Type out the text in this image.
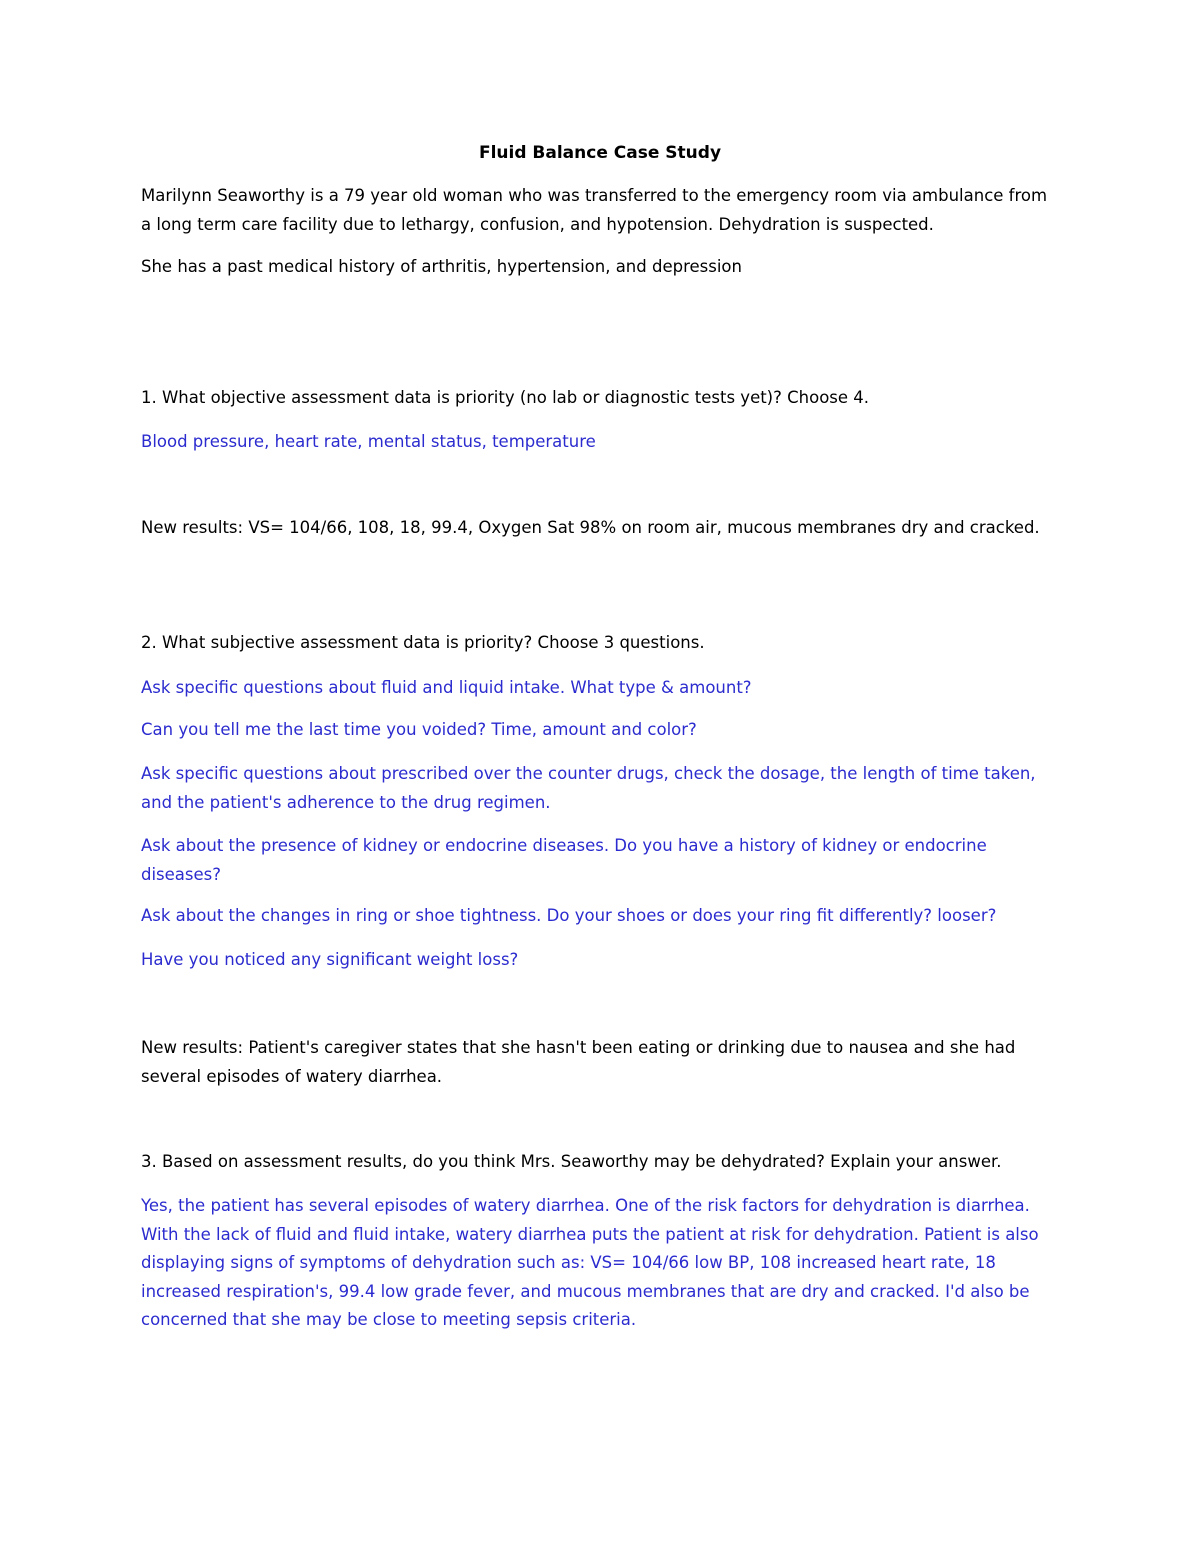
Fluid Balance Case Study
Marilynn Seaworthy is a 79 year old woman who was transferred to the emergency room via ambulance from a long term care facility due to lethargy, confusion, and hypotension. Dehydration is suspected.
She has a past medical history of arthritis, hypertension, and depression
1. What objective assessment data is priority (no lab or diagnostic tests yet)? Choose 4.
Blood pressure, heart rate, mental status, temperature
New results: VS= 104/66, 108, 18, 99.4, Oxygen Sat 98% on room air, mucous membranes dry and cracked.
2. What subjective assessment data is priority? Choose 3 questions.
Ask specific questions about fluid and liquid intake. What type & amount?
Can you tell me the last time you voided? Time, amount and color?
Ask specific questions about prescribed over the counter drugs, check the dosage, the length of time taken, and the patient's adherence to the drug regimen.
Ask about the presence of kidney or endocrine diseases. Do you have a history of kidney or endocrine diseases?
Ask about the changes in ring or shoe tightness. Do your shoes or does your ring fit differently? looser?
Have you noticed any significant weight loss?
New results: Patient's caregiver states that she hasn't been eating or drinking due to nausea and she had several episodes of watery diarrhea.
3. Based on assessment results, do you think Mrs. Seaworthy may be dehydrated? Explain your answer.
Yes, the patient has several episodes of watery diarrhea. One of the risk factors for dehydration is diarrhea. With the lack of fluid and fluid intake, watery diarrhea puts the patient at risk for dehydration. Patient is also displaying signs of symptoms of dehydration such as: VS= 104/66 low BP, 108 increased heart rate, 18 increased respiration's, 99.4 low grade fever, and mucous membranes that are dry and cracked. I'd also be concerned that she may be close to meeting sepsis criteria.
